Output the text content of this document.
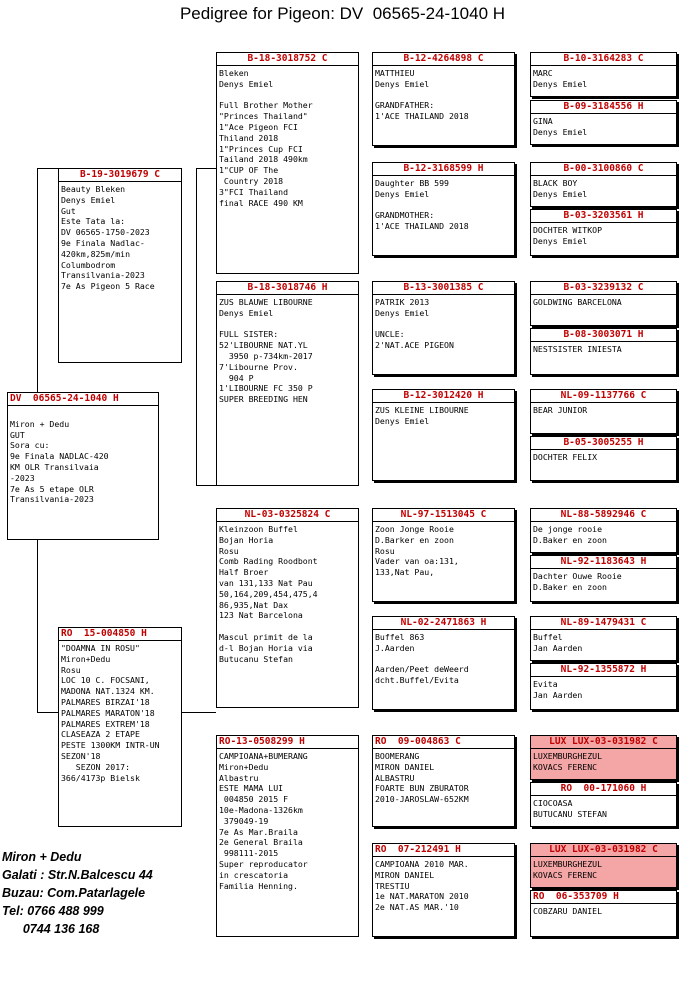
Pedigree for Pigeon: DV  06565-24-1040 H
DV  06565-24-1040 H

Miron + Dedu
GUT
Sora cu:
9e Finala NADLAC-420
KM OLR Transilvaia
-2023
7e As 5 etape OLR
Transilvania-2023
B-19-3019679 C
Beauty Bleken
Denys Emiel
Gut
Este Tata la:
DV 06565-1750-2023
9e Finala Nadlac-
420km,825m/min
Columbodrom
Transilvania-2023
7e As Pigeon 5 Race
RO  15-004850 H
"DOAMNA IN ROSU"
Miron+Dedu
Rosu
LOC 10 C. FOCSANI,
MADONA NAT.1324 KM.
PALMARES BIRZAI'18
PALMARES MARATON'18
PALMARES EXTREM'18
CLASEAZA 2 ETAPE
PESTE 1300KM INTR-UN
SEZON'18
SEZON 2017:
366/4173p Bielsk
B-18-3018752 C
Bleken
Denys Emiel

Full Brother Mother
"Princes Thailand"
1"Ace Pigeon FCI
Thiland 2018
1"Princes Cup FCI
Tailand 2018 490km
1"CUP OF The
Country 2018
3"FCI Thailand
final RACE 490 KM
B-18-3018746 H
ZUS BLAUWE LIBOURNE
Denys Emiel

FULL SISTER:
52'LIBOURNE NAT.YL
3950 p-734km-2017
7'Libourne Prov.
904 P
1'LIBOURNE FC 350 P
SUPER BREEDING HEN
NL-03-0325824 C
Kleinzoon Buffel
Bojan Horia
Rosu
Comb Rading Roodbont
Half Broer
van 131,133 Nat Pau
50,164,209,454,475,4
86,935,Nat Dax
123 Nat Barcelona

Mascul primit de la
d-l Bojan Horia via
Butucanu Stefan
RO-13-0508299 H
CAMPIOANA+BUMERANG
Miron+Dedu
Albastru
ESTE MAMA LUI
004850 2015 F
10e-Madona-1326km
379049-19
7e As Mar.Braila
2e General Braila
998111-2015
Super reproducator
in crescatoria
Familia Henning.
B-12-4264898 C
MATTHIEU
Denys Emiel

GRANDFATHER:
1'ACE THAILAND 2018
B-12-3168599 H
Daughter BB 599
Denys Emiel

GRANDMOTHER:
1'ACE THAILAND 2018
B-13-3001385 C
PATRIK 2013
Denys Emiel

UNCLE:
2'NAT.ACE PIGEON
B-12-3012420 H
ZUS KLEINE LIBOURNE
Denys Emiel
NL-97-1513045 C
Zoon Jonge Rooie
D.Barker en zoon
Rosu
Vader van oa:131,
133,Nat Pau,
NL-02-2471863 H
Buffel 863
J.Aarden

Aarden/Peet deWeerd
dcht.Buffel/Evita
RO  09-004863 C
BOOMERANG
MIRON DANIEL
ALBASTRU
FOARTE BUN ZBURATOR
2010-JAROSLAW-652KM
RO  07-212491 H
CAMPIOANA 2010 MAR.
MIRON DANIEL
TRESTIU
1e NAT.MARATON 2010
2e NAT.AS MAR.'10
B-10-3164283 C
MARC
Denys Emiel
B-09-3184556 H
GINA
Denys Emiel
B-00-3100860 C
BLACK BOY
Denys Emiel
B-03-3203561 H
DOCHTER WITKOP
Denys Emiel
B-03-3239132 C
GOLDWING BARCELONA
B-08-3003071 H
NESTSISTER INIESTA
NL-09-1137766 C
BEAR JUNIOR
B-05-3005255 H
DOCHTER FELIX
NL-88-5892946 C
De jonge rooie
D.Baker en zoon
NL-92-1183643 H
Dachter Ouwe Rooie
D.Baker en zoon
NL-89-1479431 C
Buffel
Jan Aarden
NL-92-1355872 H
Evita
Jan Aarden
LUX LUX-03-031982 C
LUXEMBURGHEZUL
KOVACS FERENC
RO  00-171060 H
CIOCOASA
BUTUCANU STEFAN
LUX LUX-03-031982 C
LUXEMBURGHEZUL
KOVACS FERENC
RO  06-353709 H
COBZARU DANIEL
Miron + Dedu
Galati : Str.N.Balcescu 44
Buzau: Com.Patarlagele
Tel: 0766 488 999
0744 136 168
